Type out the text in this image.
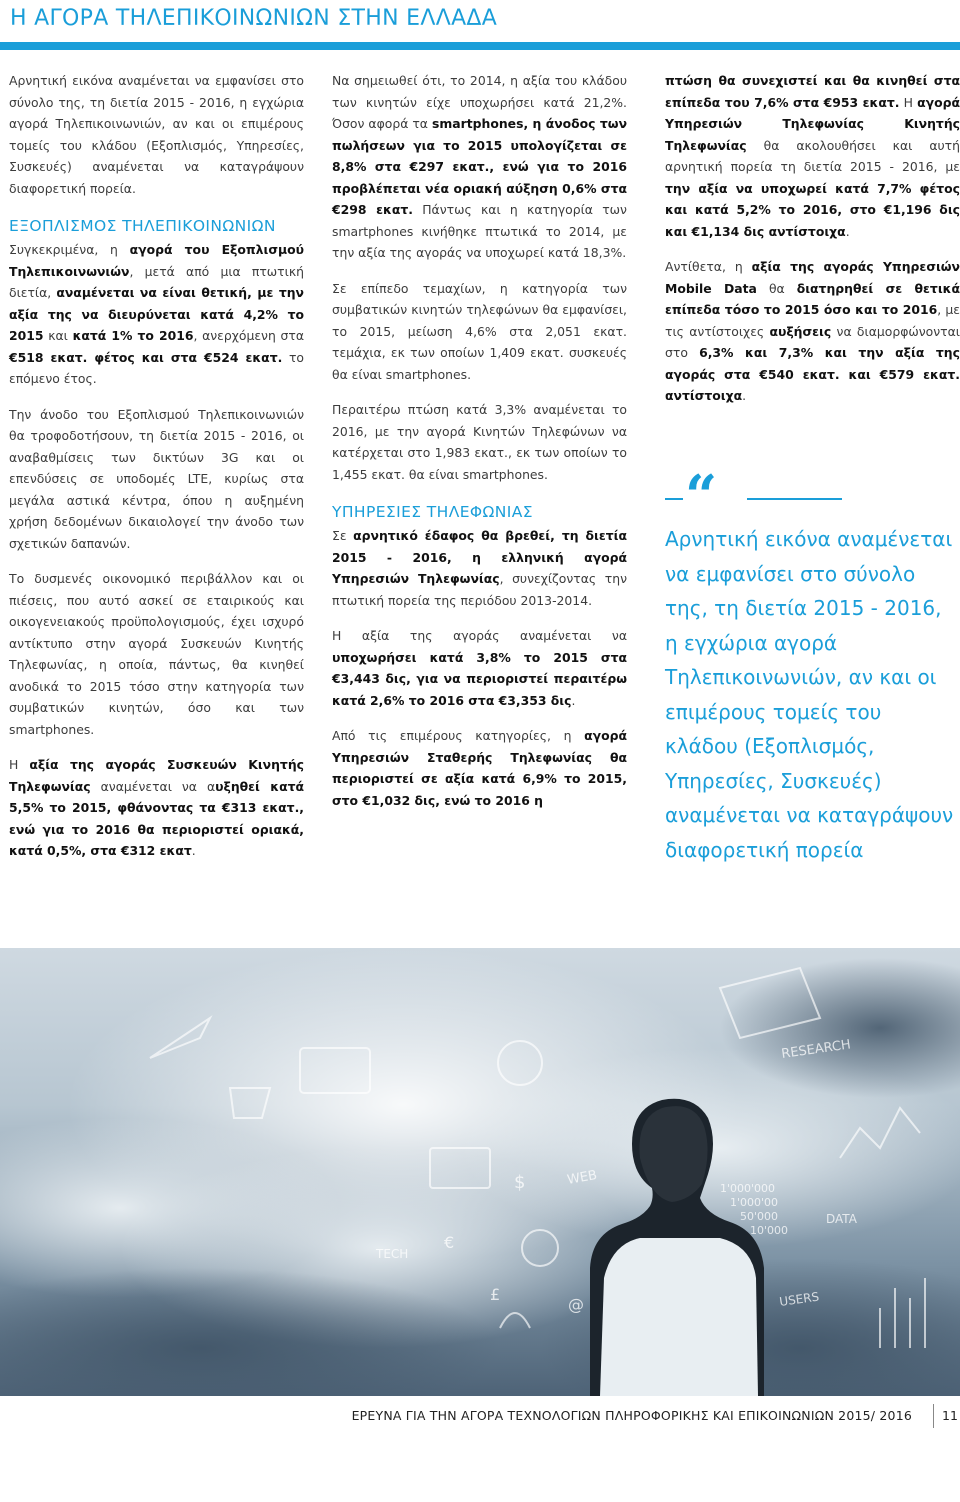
Η ΑΓΟΡΑ ΤΗΛΕΠΙΚΟΙΝΩΝΙΩΝ ΣΤΗΝ ΕΛΛΑΔΑ

Αρνητική εικόνα αναμένεται να εμφανίσει στο σύνολο της, τη διετία 2015 - 2016, η εγχώρια αγορά Τηλεπικοινωνιών, αν και οι επιμέρους τομείς του κλάδου (Εξοπλισμός, Υπηρεσίες, Συσκευές) αναμένεται να καταγράψουν διαφορετική πορεία.

ΕΞΟΠΛΙΣΜΟΣ ΤΗΛΕΠΙΚΟΙΝΩΝΙΩΝ

Συγκεκριμένα, η αγορά του Εξοπλισμού Τηλεπικοινωνιών, μετά από μια πτωτική διετία, αναμένεται να είναι θετική, με την αξία της να διευρύνεται κατά 4,2% το 2015 και κατά 1% το 2016, ανερχόμενη στα €518 εκατ. φέτος και στα €524 εκατ. το επόμενο έτος.

Την άνοδο του Εξοπλισμού Τηλεπικοινωνιών θα τροφοδοτήσουν, τη διετία 2015 - 2016, οι αναβαθμίσεις των δικτύων 3G και οι επενδύσεις σε υποδομές LTE, κυρίως στα μεγάλα αστικά κέντρα, όπου η αυξημένη χρήση δεδομένων δικαιολογεί την άνοδο των σχετικών δαπανών.

Το δυσμενές οικονομικό περιβάλλον και οι πιέσεις, που αυτό ασκεί σε εταιρικούς και οικογενειακούς προϋπολογισμούς, έχει ισχυρό αντίκτυπο στην αγορά Συσκευών Κινητής Τηλεφωνίας, η οποία, πάντως, θα κινηθεί ανοδικά το 2015 τόσο στην κατηγορία των συμβατικών κινητών, όσο και των smartphones.

Η αξία της αγοράς Συσκευών Κινητής Τηλεφωνίας αναμένεται να αυξηθεί κατά 5,5% το 2015, φθάνοντας τα €313 εκατ., ενώ για το 2016 θα περιοριστεί οριακά, κατά 0,5%, στα €312 εκατ.

Να σημειωθεί ότι, το 2014, η αξία του κλάδου των κινητών είχε υποχωρήσει κατά 21,2%. Όσον αφορά τα smartphones, η άνοδος των πωλήσεων για το 2015 υπολογίζεται σε 8,8% στα €297 εκατ., ενώ για το 2016 προβλέπεται νέα οριακή αύξηση 0,6% στα €298 εκατ. Πάντως και η κατηγορία των smartphones κινήθηκε πτωτικά το 2014, με την αξία της αγοράς να υποχωρεί κατά 18,3%.

Σε επίπεδο τεμαχίων, η κατηγορία των συμβατικών κινητών τηλεφώνων θα εμφανίσει, το 2015, μείωση 4,6% στα 2,051 εκατ. τεμάχια, εκ των οποίων 1,409 εκατ. συσκευές θα είναι smartphones.

Περαιτέρω πτώση κατά 3,3% αναμένεται το 2016, με την αγορά Κινητών Τηλεφώνων να κατέρχεται στο 1,983 εκατ., εκ των οποίων το 1,455 εκατ. θα είναι smartphones.

ΥΠΗΡΕΣΙΕΣ ΤΗΛΕΦΩΝΙΑΣ

Σε αρνητικό έδαφος θα βρεθεί, τη διετία 2015 - 2016, η ελληνική αγορά Υπηρεσιών Τηλεφωνίας, συνεχίζοντας την πτωτική πορεία της περιόδου 2013-2014.

Η αξία της αγοράς αναμένεται να υποχωρήσει κατά 3,8% το 2015 στα €3,443 δις, για να περιοριστεί περαιτέρω κατά 2,6% το 2016 στα €3,353 δις.

Από τις επιμέρους κατηγορίες, η αγορά Υπηρεσιών Σταθερής Τηλεφωνίας θα περιοριστεί σε αξία κατά 6,9% το 2015, στο €1,032 δις, ενώ το 2016 η

πτώση θα συνεχιστεί και θα κινηθεί στα επίπεδα του 7,6% στα €953 εκατ. Η αγορά Υπηρεσιών Τηλεφωνίας Κινητής Τηλεφωνίας θα ακολουθήσει και αυτή αρνητική πορεία τη διετία 2015 - 2016, με την αξία να υποχωρεί κατά 7,7% φέτος και κατά 5,2% το 2016, στο €1,196 δις και €1,134 δις αντίστοιχα.

Αντίθετα, η αξία της αγοράς Υπηρεσιών Mobile Data θα διατηρηθεί σε θετικά επίπεδα τόσο το 2015 όσο και το 2016, με τις αντίστοιχες αυξήσεις να διαμορφώνονται στο 6,3% και 7,3% και την αξία της αγοράς στα €540 εκατ. και €579 εκατ. αντίστοιχα.

“
Αρνητική εικόνα αναμένεται να εμφανίσει στο σύνολο της, τη διετία 2015 - 2016, η εγχώρια αγορά Τηλεπικοινωνιών, αν και οι επιμέρους τομείς του κλάδου (Εξοπλισμός, Υπηρεσίες, Συσκευές) αναμένεται να καταγράψουν διαφορετική πορεία
RESEARCH
WEB
DATA
TECH
USERS
1'000'000
1'000'00
50'000
10'000
$
€
£
@
ΕΡΕΥΝΑ ΓΙΑ ΤΗΝ ΑΓΟΡΑ ΤΕΧΝΟΛΟΓΙΩΝ ΠΛΗΡΟΦΟΡΙΚΗΣ ΚΑΙ ΕΠΙΚΟΙΝΩΝΙΩΝ 2015/ 2016 11
